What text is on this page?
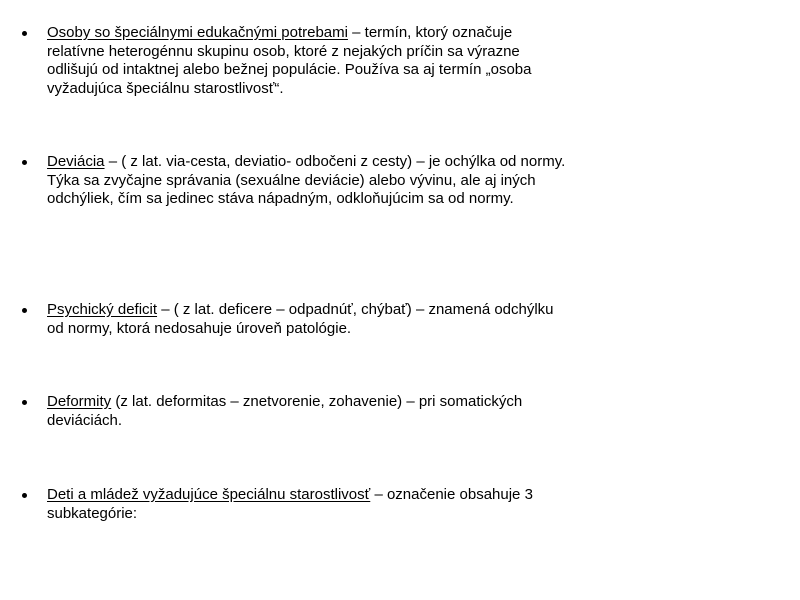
Osoby so špeciálnymi edukačnými potrebami – termín, ktorý označuje
relatívne heterogénnu skupinu osob, ktoré z nejakých príčin sa výrazne
odlišujú od intaktnej alebo bežnej populácie. Používa sa aj termín „osoba
vyžadujúca špeciálnu starostlivosť“.
Deviácia – ( z lat. via-cesta, deviatio- odbočeni z cesty) – je ochýlka od normy.
Týka sa zvyčajne správania (sexuálne deviácie) alebo vývinu, ale aj iných
odchýliek, čím sa jedinec stáva nápadným, odkloňujúcim sa od normy.
Psychický deficit – ( z lat. deficere – odpadnúť, chýbať) – znamená odchýlku
od normy, ktorá nedosahuje úroveň patológie.
Deformity (z lat. deformitas – znetvorenie, zohavenie) – pri somatických
deviáciách.
Deti a mládež vyžadujúce špeciálnu starostlivosť – označenie obsahuje 3
subkategórie:
